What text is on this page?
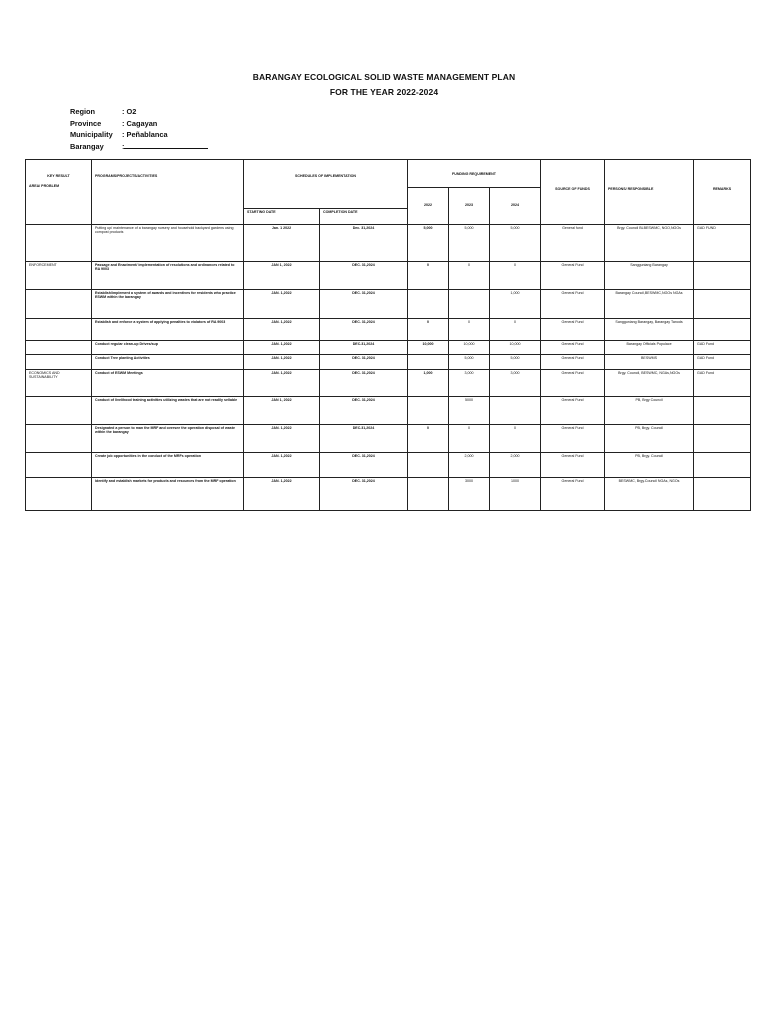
BARANGAY ECOLOGICAL SOLID WASTE MANAGEMENT PLAN
FOR THE YEAR 2022-2024
Region	: O2
Province	: Cagayan
Municipality : Peñablanca
Barangay :
KEY RESULT
AREA/ PROBLEM	PROGRAMS/PROJECTS/ACTIVITIES	SCHEDULES OF IMPLEMENTATION		FUNDING REQUIREMENT			SOURCE OF FUNDS	PERSONS/ RESPONSIBLE	REMARKS
				2022	2023	2024			
		STARTING DATE	COMPLETION DATE						
	Putting up/ maintenance of a barangay nursery and household backyard gardens using compost products	Jan. 1 2022	Dec. 31,2024	5,000	5,000	5,000	General fund	Brgy. Council BLBESWMC, NGO,NGOs	GAD FUND
ENFORCEMENT	Passage and Enactment/ implementation of resolutions and ordinances related to RA 9003	JAN 1, 2022	DEC. 31,2024	0	0	0	General Fund	Sangguniang Barangay	
	Establish/implement a system of awards and incentives for residents who practice ESWM within the barangay	JAN. 1,2022	DEC. 31,2024			1,000	General Fund	Barangay Council,BESWMC,NGOs NGAs	
	Establish and enforce a system of applying penalties to violators of RA 9003	JAN. 1,2022	DEC. 31,2024	0	0	0	General Fund	Sangguniang Barangay, Barangay Tanods	
	Conduct regular clean-up Drives/sup	JAN. 1,2022	DEC.31,2024	10,000	10,000	10,000	General Fund	Barangay Officials Populace	GAD Fund
	Conduct Tree planting Activities	JAN. 1,2022	DEC. 31,2024		5,000	5,000	General Fund	BESWMS	GAD Fund
ECONOMICS AND SUSTAINABILITY	Conduct of ESWM Meetings	JAN. 1,2022	DEC. 31,2024	1,000	3,000	3,000	General Fund	Brgy. Council, BESWMC, NGAs,NGOs	GAD Fund
	Conduct of livelihood training activities utilizing wastes that are not readily sellable	JAN 1, 2022	DEC. 31,2024		5000		General Fund	PB, Brgy Council	
	Designated a person to man the MRF and oversee the operation disposal of waste within the barangay	JAN. 1,2022	DEC.31,2024	0	0	0	General Fund	PB, Brgy. Council	
	Create job opportunities in the conduct of the MRFs operation	JAN. 1,2022	DEC. 31,2024		2,000	2,000	General Fund	PB, Brgy. Council	
	Identify and establish markets for products and resources from the MRF operation	JAN. 1,2022	DEC. 31,2024		3000	1000	General Fund	BESWMC, Brgy.Council NGAs, NGOs	
